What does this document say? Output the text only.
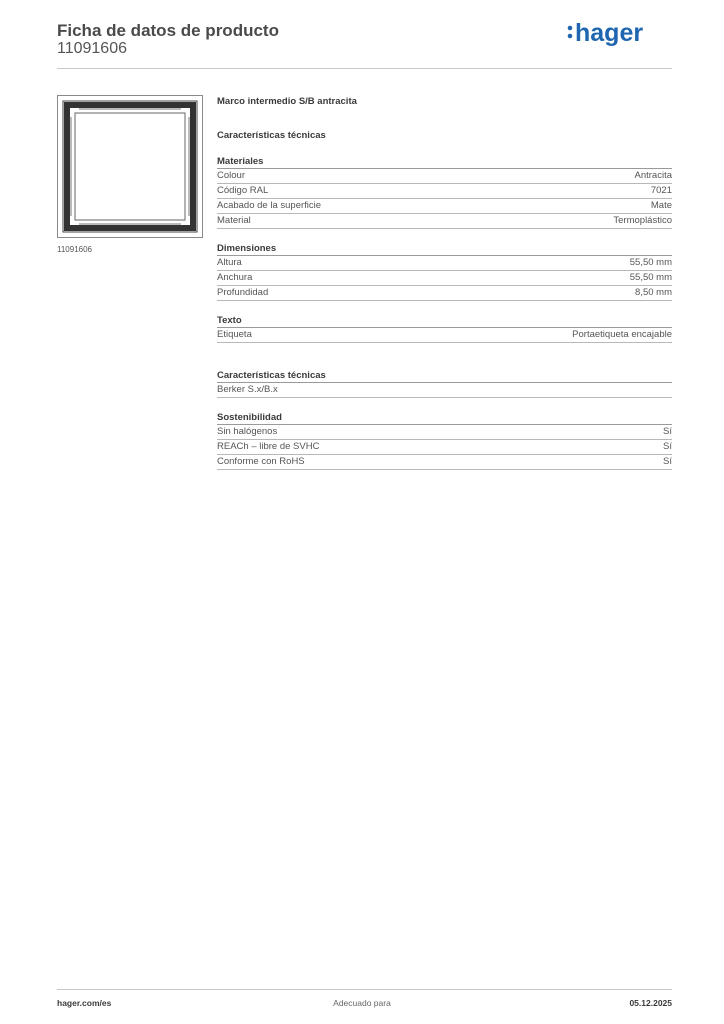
Ficha de datos de producto
11091606
hager
11091606
Marco intermedio S/B antracita
Características técnicas
Materiales
Colour	Antracita
Código RAL	7021
Acabado de la superficie	Mate
Material	Termoplástico
Dimensiones
Altura	55,50 mm
Anchura	55,50 mm
Profundidad	8,50 mm
Texto
Etiqueta	Portaetiqueta encajable
Características técnicas
Berker S.x/B.x
Sostenibilidad
Sin halógenos	Sí
REACh – libre de SVHC	Sí
Conforme con RoHS	Sí
hager.com/es	Adecuado para	05.12.2025
